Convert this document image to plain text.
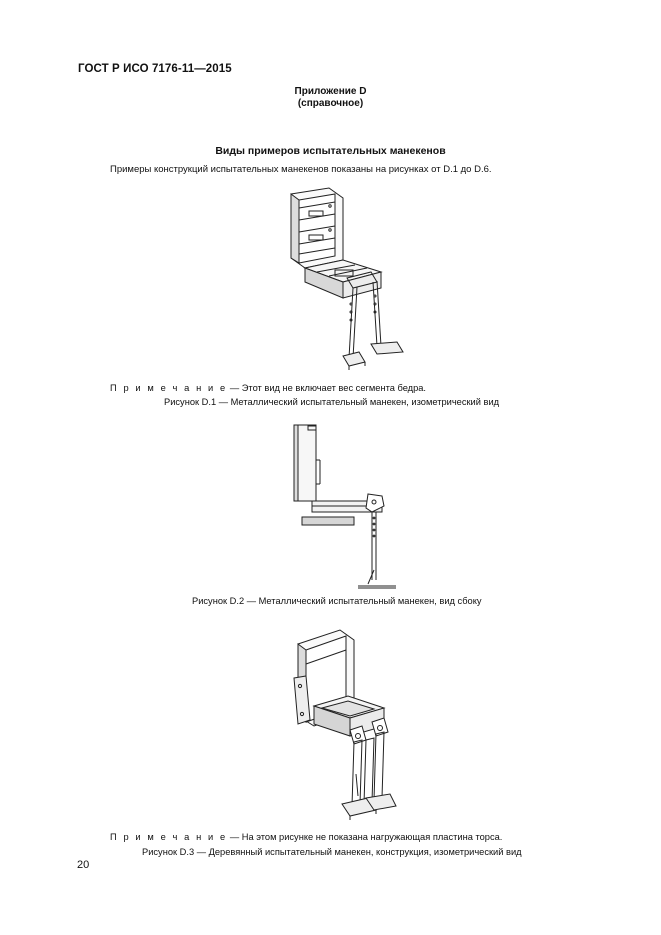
ГОСТ Р ИСО 7176-11—2015
Приложение D
(справочное)
Виды примеров испытательных манекенов
Примеры конструкций испытательных манекенов показаны на рисунках от D.1 до D.6.
П р и м е ч а н и е — Этот вид не включает вес сегмента бедра.
Рисунок D.1 — Металлический испытательный манекен, изометрический вид
Рисунок D.2 — Металлический испытательный манекен, вид сбоку
П р и м е ч а н и е — На этом рисунке не показана нагружающая пластина торса.
Рисунок D.3 — Деревянный испытательный манекен, конструкция, изометрический вид
20
